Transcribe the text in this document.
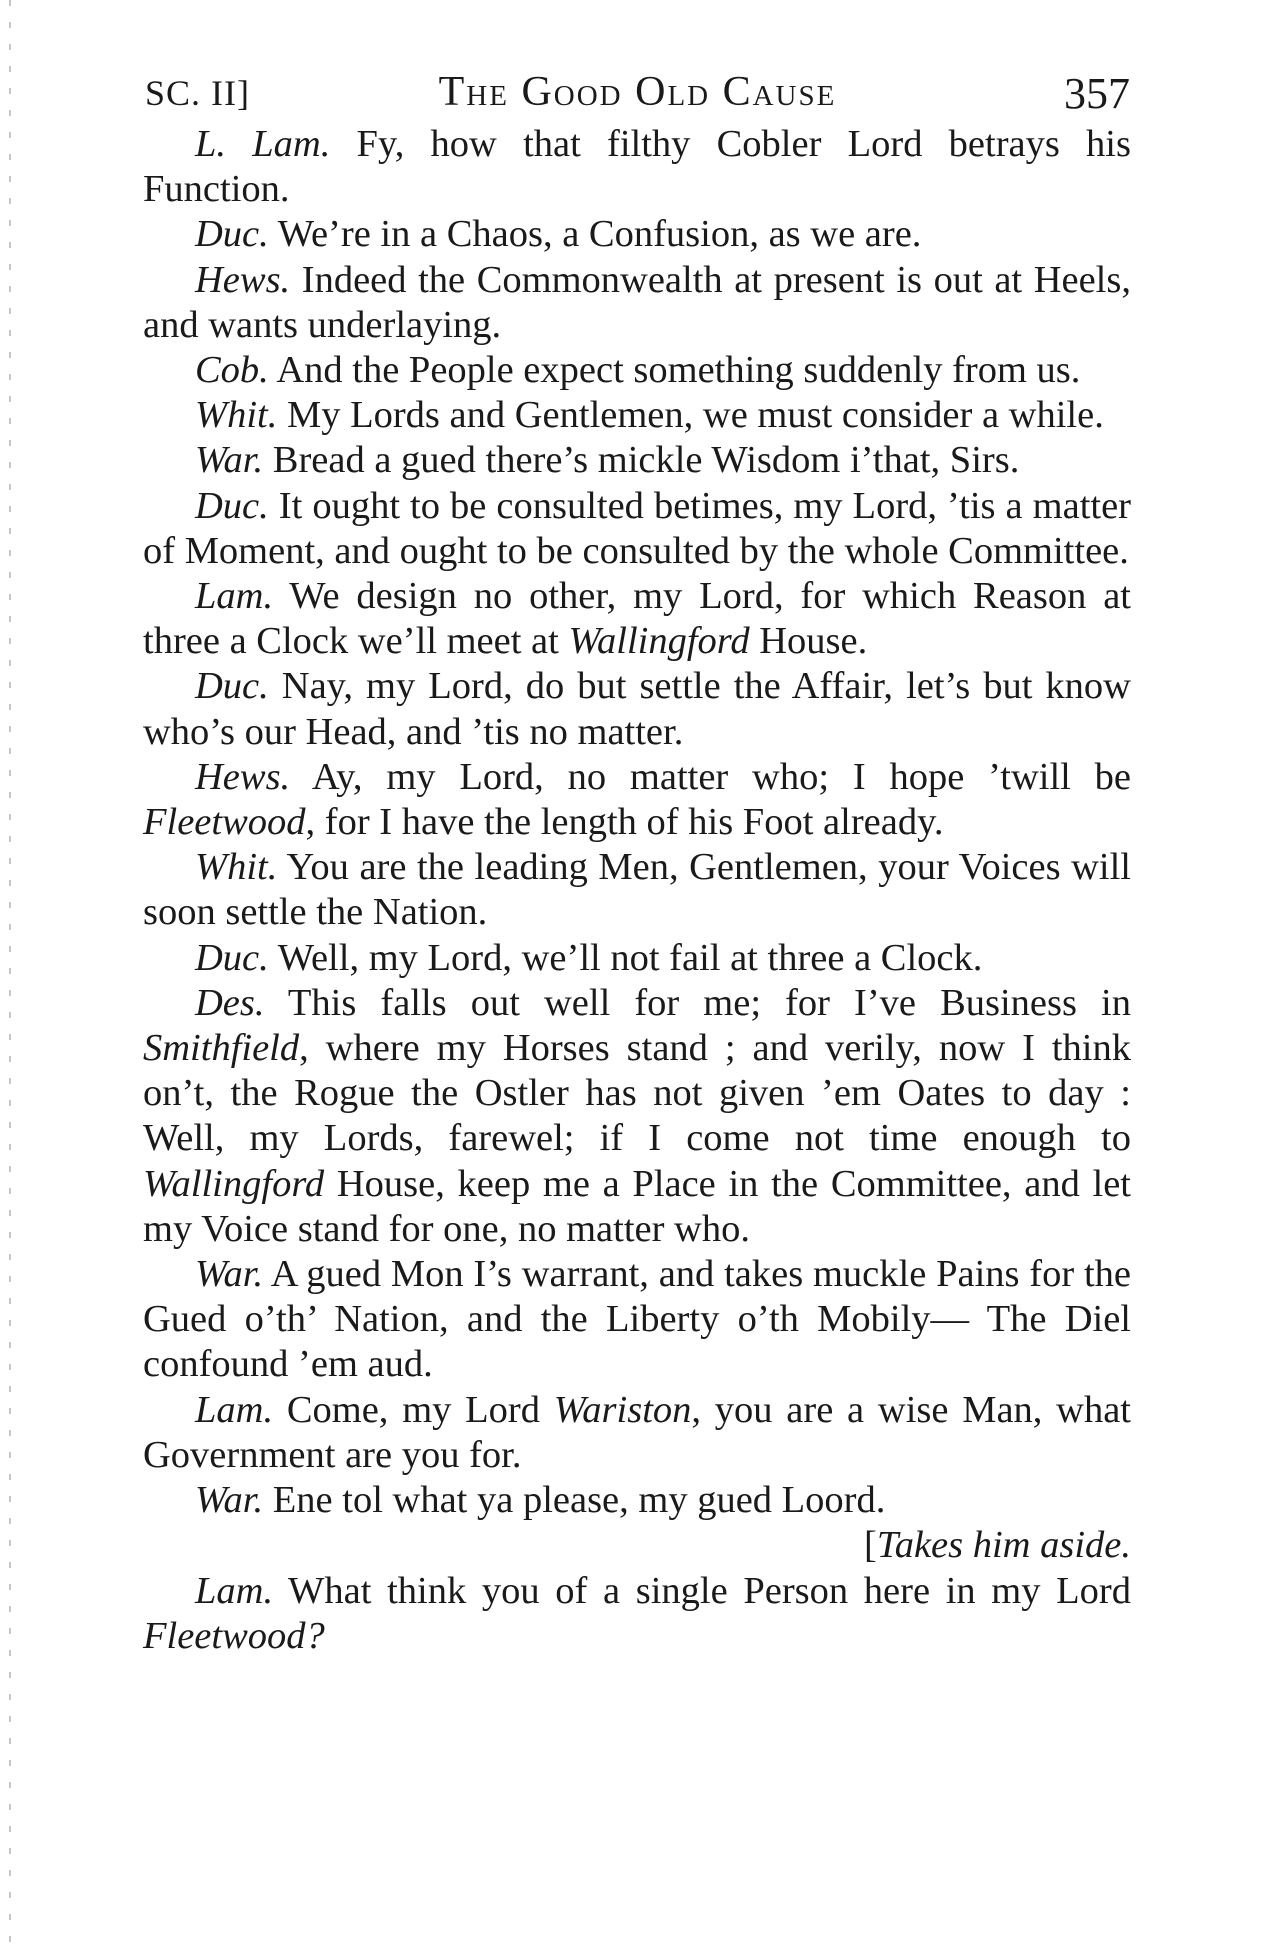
SC. II]	The Good Old Cause	357

L. Lam. Fy, how that filthy Cobler Lord betrays his Function.

Duc. We’re in a Chaos, a Confusion, as we are.

Hews. Indeed the Commonwealth at present is out at Heels, and wants underlaying.

Cob. And the People expect something suddenly from us.

Whit. My Lords and Gentlemen, we must consider a while.

War. Bread a gued there’s mickle Wisdom i’that, Sirs.

Duc. It ought to be consulted betimes, my Lord, ’tis a matter of Moment, and ought to be consulted by the whole Committee.

Lam. We design no other, my Lord, for which Reason at three a Clock we’ll meet at Wallingford House.

Duc. Nay, my Lord, do but settle the Affair, let’s but know who’s our Head, and ’tis no matter.

Hews. Ay, my Lord, no matter who; I hope ’twill be Fleetwood, for I have the length of his Foot already.

Whit. You are the leading Men, Gentlemen, your Voices will soon settle the Nation.

Duc. Well, my Lord, we’ll not fail at three a Clock.

Des. This falls out well for me; for I’ve Business in Smithfield, where my Horses stand ; and verily, now I think on’t, the Rogue the Ostler has not given ’em Oates to day : Well, my Lords, farewel; if I come not time enough to Wallingford House, keep me a Place in the Committee, and let my Voice stand for one, no matter who.

War. A gued Mon I’s warrant, and takes muckle Pains for the Gued o’th’ Nation, and the Liberty o’th Mobily— The Diel confound ’em aud.

Lam. Come, my Lord Wariston, you are a wise Man, what Government are you for.

War. Ene tol what ya please, my gued Loord.

[Takes him aside.

Lam. What think you of a single Person here in my Lord Fleetwood?
